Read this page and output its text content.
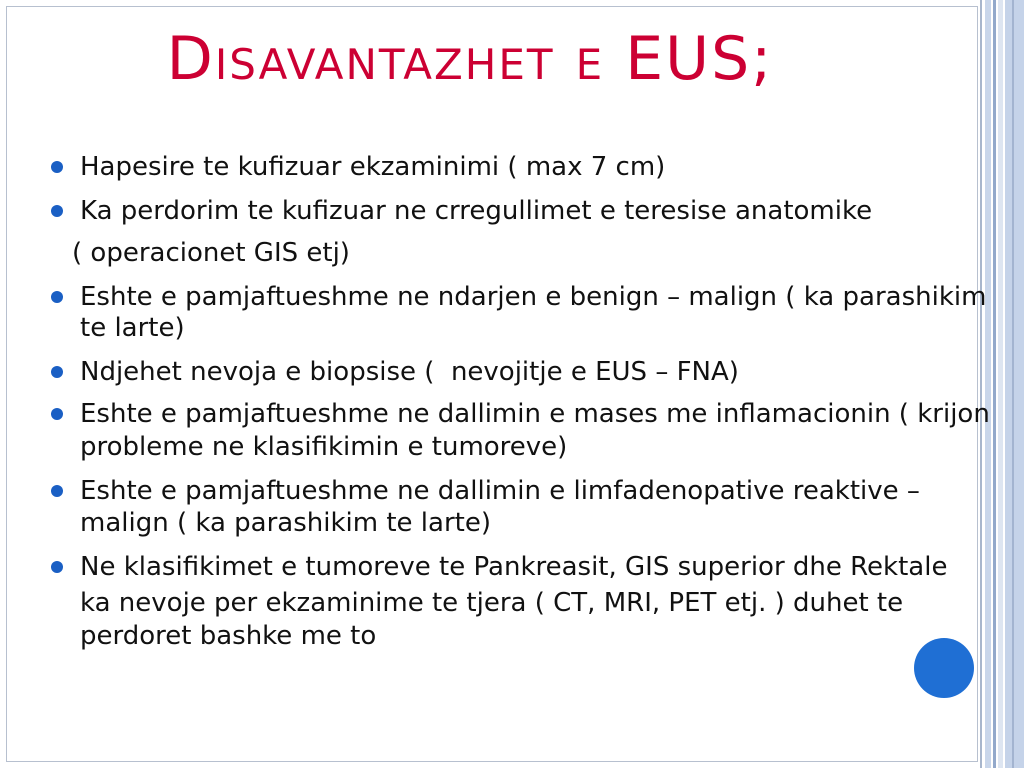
Disavantazhet e EUS;
Hapesire te kufizuar ekzaminimi ( max 7 cm)
Ka perdorim te kufizuar ne crregullimet e teresise anatomike
( operacionet GIS etj)
Eshte e pamjaftueshme ne ndarjen e benign – malign ( ka parashikim
te larte)
Ndjehet nevoja e biopsise (  nevojitje e EUS – FNA)
Eshte e pamjaftueshme ne dallimin e mases me inflamacionin ( krijon
probleme ne klasifikimin e tumoreve)
Eshte e pamjaftueshme ne dallimin e limfadenopative reaktive –
malign ( ka parashikim te larte)
Ne klasifikimet e tumoreve te Pankreasit, GIS superior dhe Rektale
ka nevoje per ekzaminime te tjera ( CT, MRI, PET etj. ) duhet te
perdoret bashke me to
